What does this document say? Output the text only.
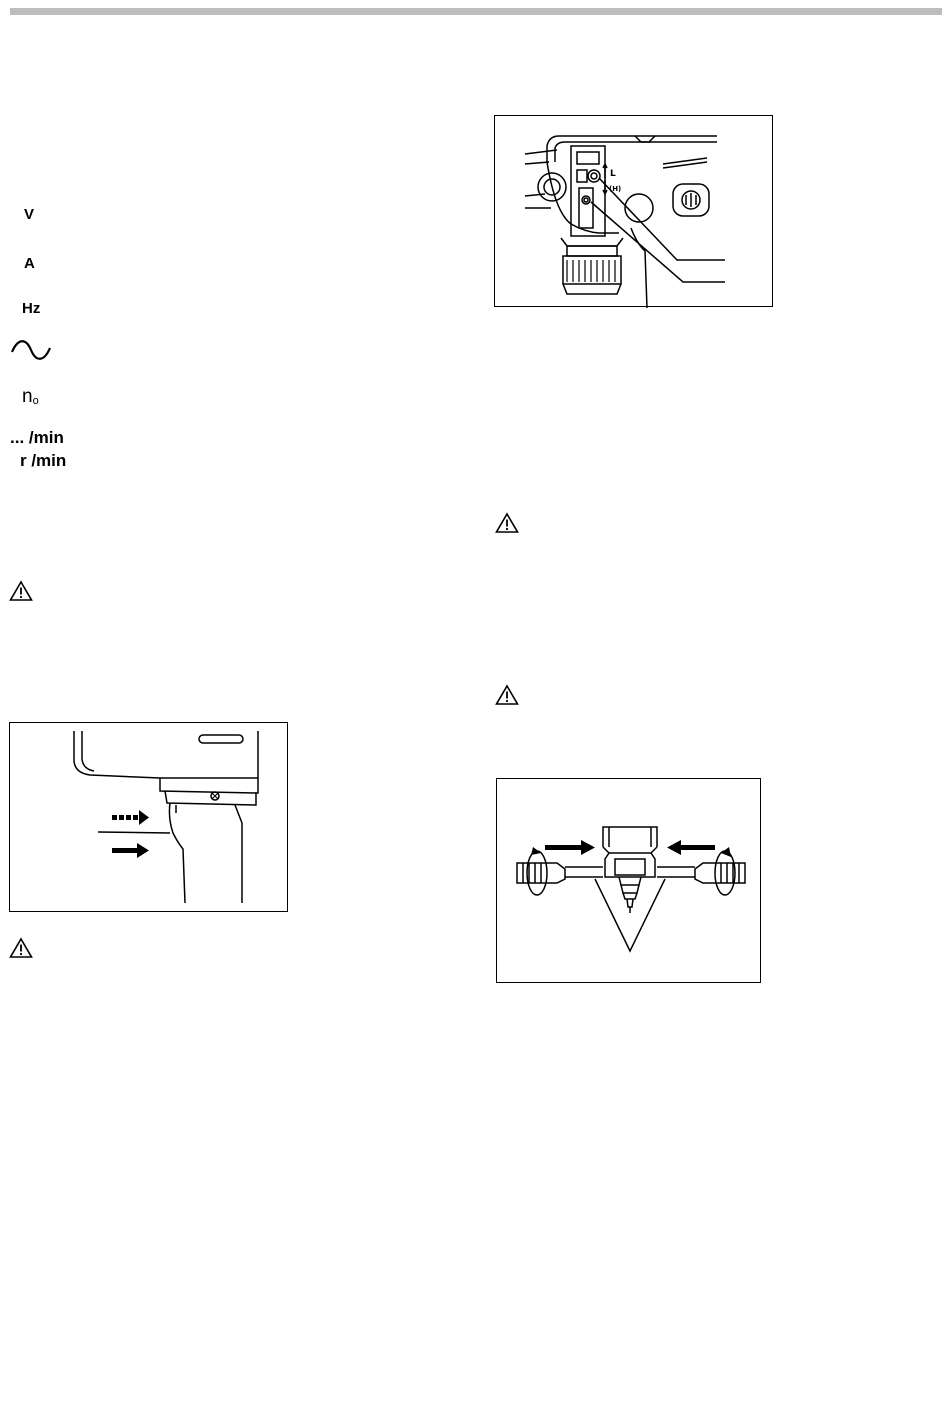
V
A
Hz
$n_o$
... /min
r /min
L
(H)
